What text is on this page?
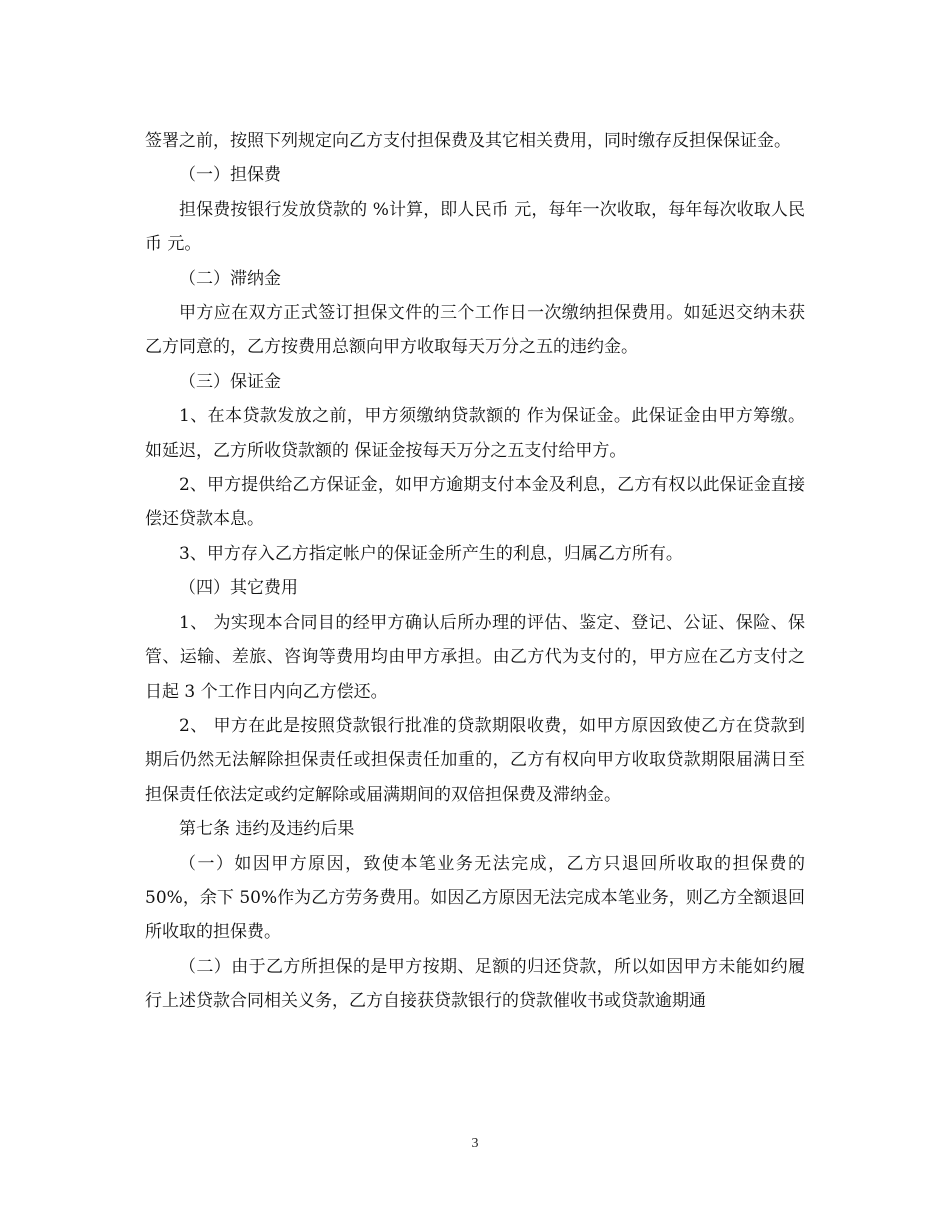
签署之前，按照下列规定向乙方支付担保费及其它相关费用，同时缴存反担保保证金。

（一）担保费

担保费按银行发放贷款的 %计算，即人民币 元，每年一次收取，每年每次收取人民币 元。

（二）滞纳金

甲方应在双方正式签订担保文件的三个工作日一次缴纳担保费用。如延迟交纳未获乙方同意的，乙方按费用总额向甲方收取每天万分之五的违约金。

（三）保证金

1、在本贷款发放之前，甲方须缴纳贷款额的 作为保证金。此保证金由甲方筹缴。如延迟，乙方所收贷款额的 保证金按每天万分之五支付给甲方。

2、甲方提供给乙方保证金，如甲方逾期支付本金及利息，乙方有权以此保证金直接偿还贷款本息。

3、甲方存入乙方指定帐户的保证金所产生的利息，归属乙方所有。

（四）其它费用

1、 为实现本合同目的经甲方确认后所办理的评估、鉴定、登记、公证、保险、保管、运输、差旅、咨询等费用均由甲方承担。由乙方代为支付的，甲方应在乙方支付之日起 3 个工作日内向乙方偿还。

2、 甲方在此是按照贷款银行批准的贷款期限收费，如甲方原因致使乙方在贷款到期后仍然无法解除担保责任或担保责任加重的，乙方有权向甲方收取贷款期限届满日至担保责任依法定或约定解除或届满期间的双倍担保费及滞纳金。

第七条 违约及违约后果

（一）如因甲方原因，致使本笔业务无法完成，乙方只退回所收取的担保费的 50%，余下 50%作为乙方劳务费用。如因乙方原因无法完成本笔业务，则乙方全额退回所收取的担保费。

（二）由于乙方所担保的是甲方按期、足额的归还贷款，所以如因甲方未能如约履行上述贷款合同相关义务，乙方自接获贷款银行的贷款催收书或贷款逾期通

3
